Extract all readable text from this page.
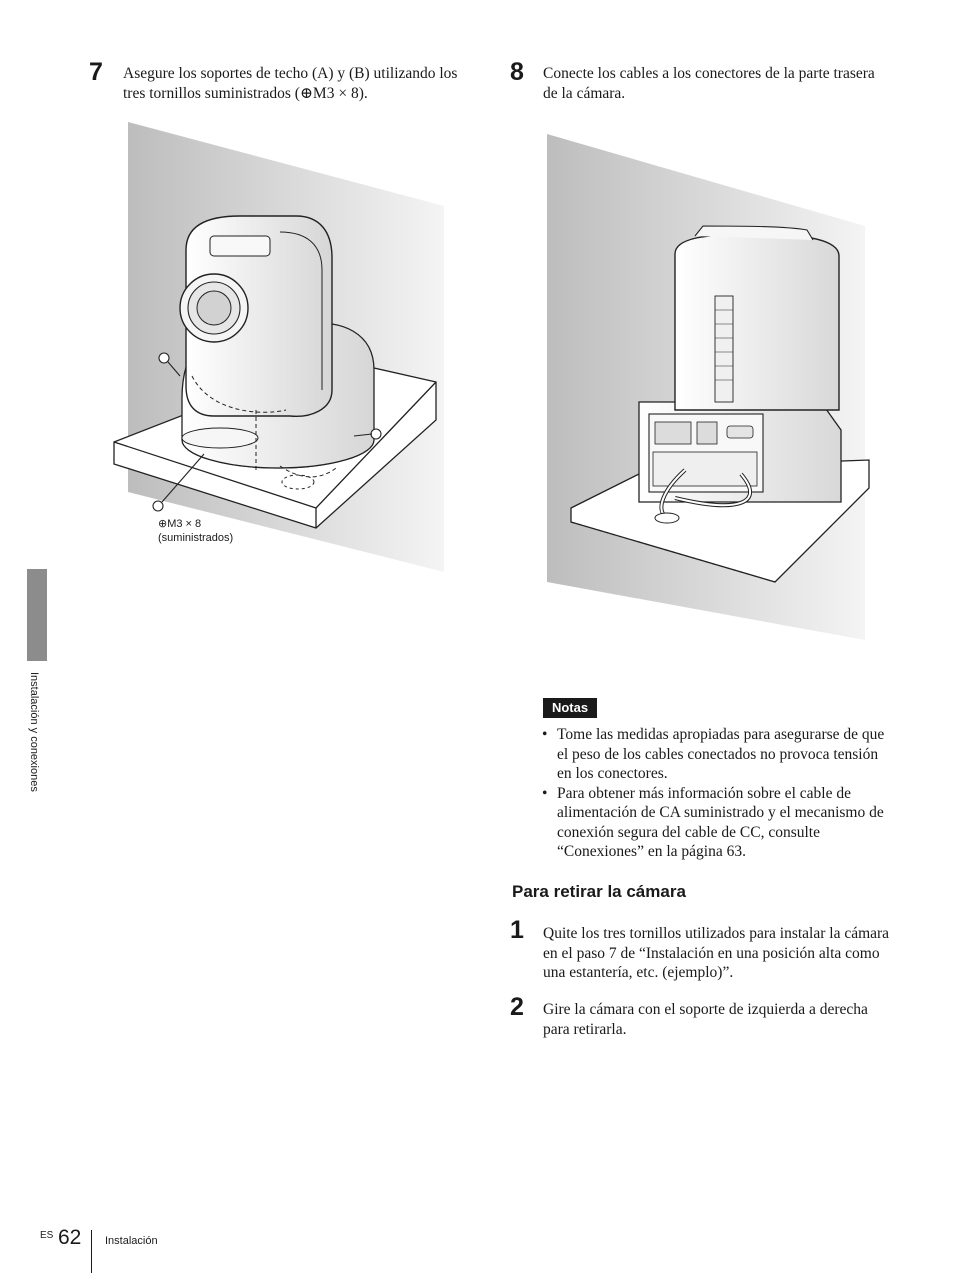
7 Asegure los soportes de techo (A) y (B) utilizando los tres tornillos suministrados (⊕M3 × 8).
8 Conecte los cables a los conectores de la parte trasera de la cámara.
⊕M3 × 8
(suministrados)
Notas
• Tome las medidas apropiadas para asegurarse de que el peso de los cables conectados no provoca tensión en los conectores.
• Para obtener más información sobre el cable de alimentación de CA suministrado y el mecanismo de conexión segura del cable de CC, consulte “Conexiones” en la página 63.
Para retirar la cámara
1 Quite los tres tornillos utilizados para instalar la cámara en el paso 7 de “Instalación en una posición alta como una estantería, etc. (ejemplo)”.
2 Gire la cámara con el soporte de izquierda a derecha para retirarla.
Instalación y conexiones
ES 62 Instalación
